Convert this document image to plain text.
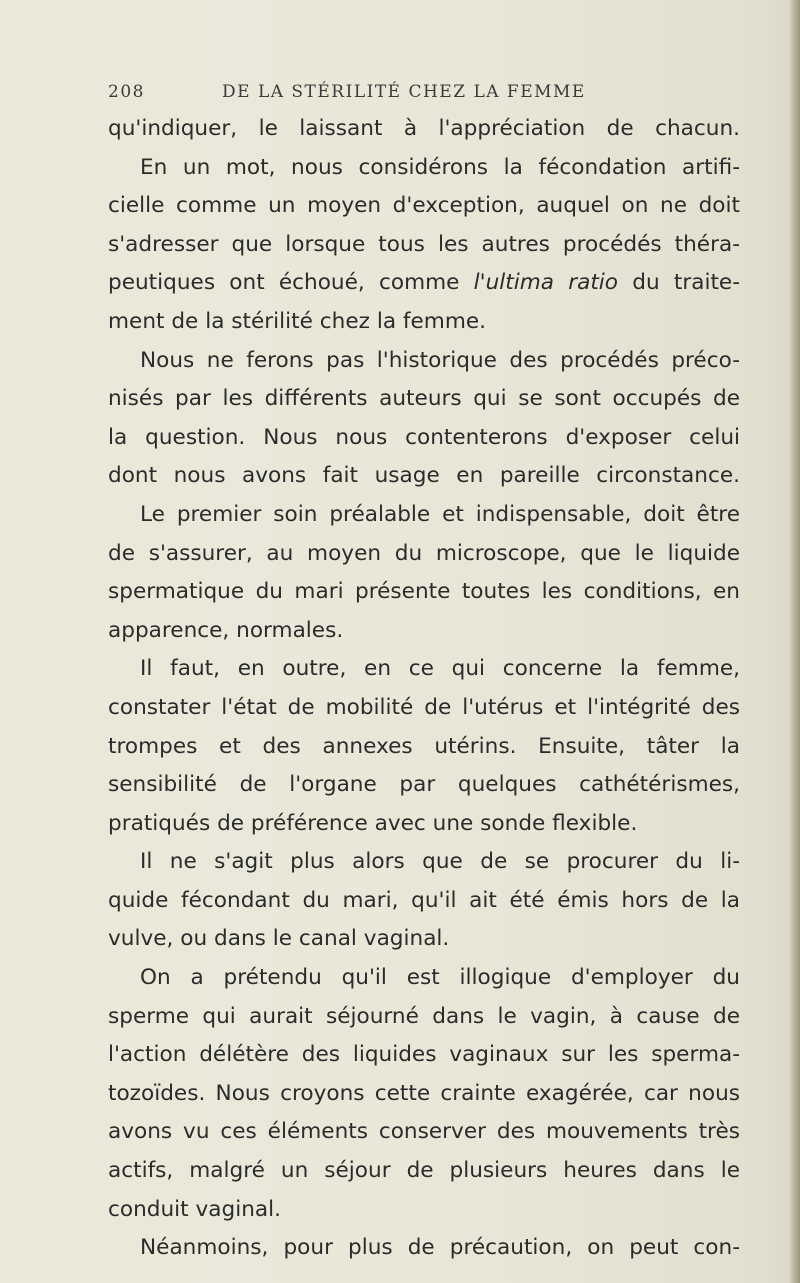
208	DE LA STÉRILITÉ CHEZ LA FEMME
qu'indiquer, le laissant à l'appréciation de chacun.
En un mot, nous considérons la fécondation artifi-
cielle comme un moyen d'exception, auquel on ne doit
s'adresser que lorsque tous les autres procédés théra-
peutiques ont échoué, comme l'ultima ratio du traite-
ment de la stérilité chez la femme.
Nous ne ferons pas l'historique des procédés préco-
nisés par les différents auteurs qui se sont occupés de
la question. Nous nous contenterons d'exposer celui
dont nous avons fait usage en pareille circonstance.
Le premier soin préalable et indispensable, doit être
de s'assurer, au moyen du microscope, que le liquide
spermatique du mari présente toutes les conditions, en
apparence, normales.
Il faut, en outre, en ce qui concerne la femme,
constater l'état de mobilité de l'utérus et l'intégrité des
trompes et des annexes utérins. Ensuite, tâter la
sensibilité de l'organe par quelques cathétérismes,
pratiqués de préférence avec une sonde flexible.
Il ne s'agit plus alors que de se procurer du li-
quide fécondant du mari, qu'il ait été émis hors de la
vulve, ou dans le canal vaginal.
On a prétendu qu'il est illogique d'employer du
sperme qui aurait séjourné dans le vagin, à cause de
l'action délétère des liquides vaginaux sur les sperma-
tozoïdes. Nous croyons cette crainte exagérée, car nous
avons vu ces éléments conserver des mouvements très
actifs, malgré un séjour de plusieurs heures dans le
conduit vaginal.
Néanmoins, pour plus de précaution, on peut con-
